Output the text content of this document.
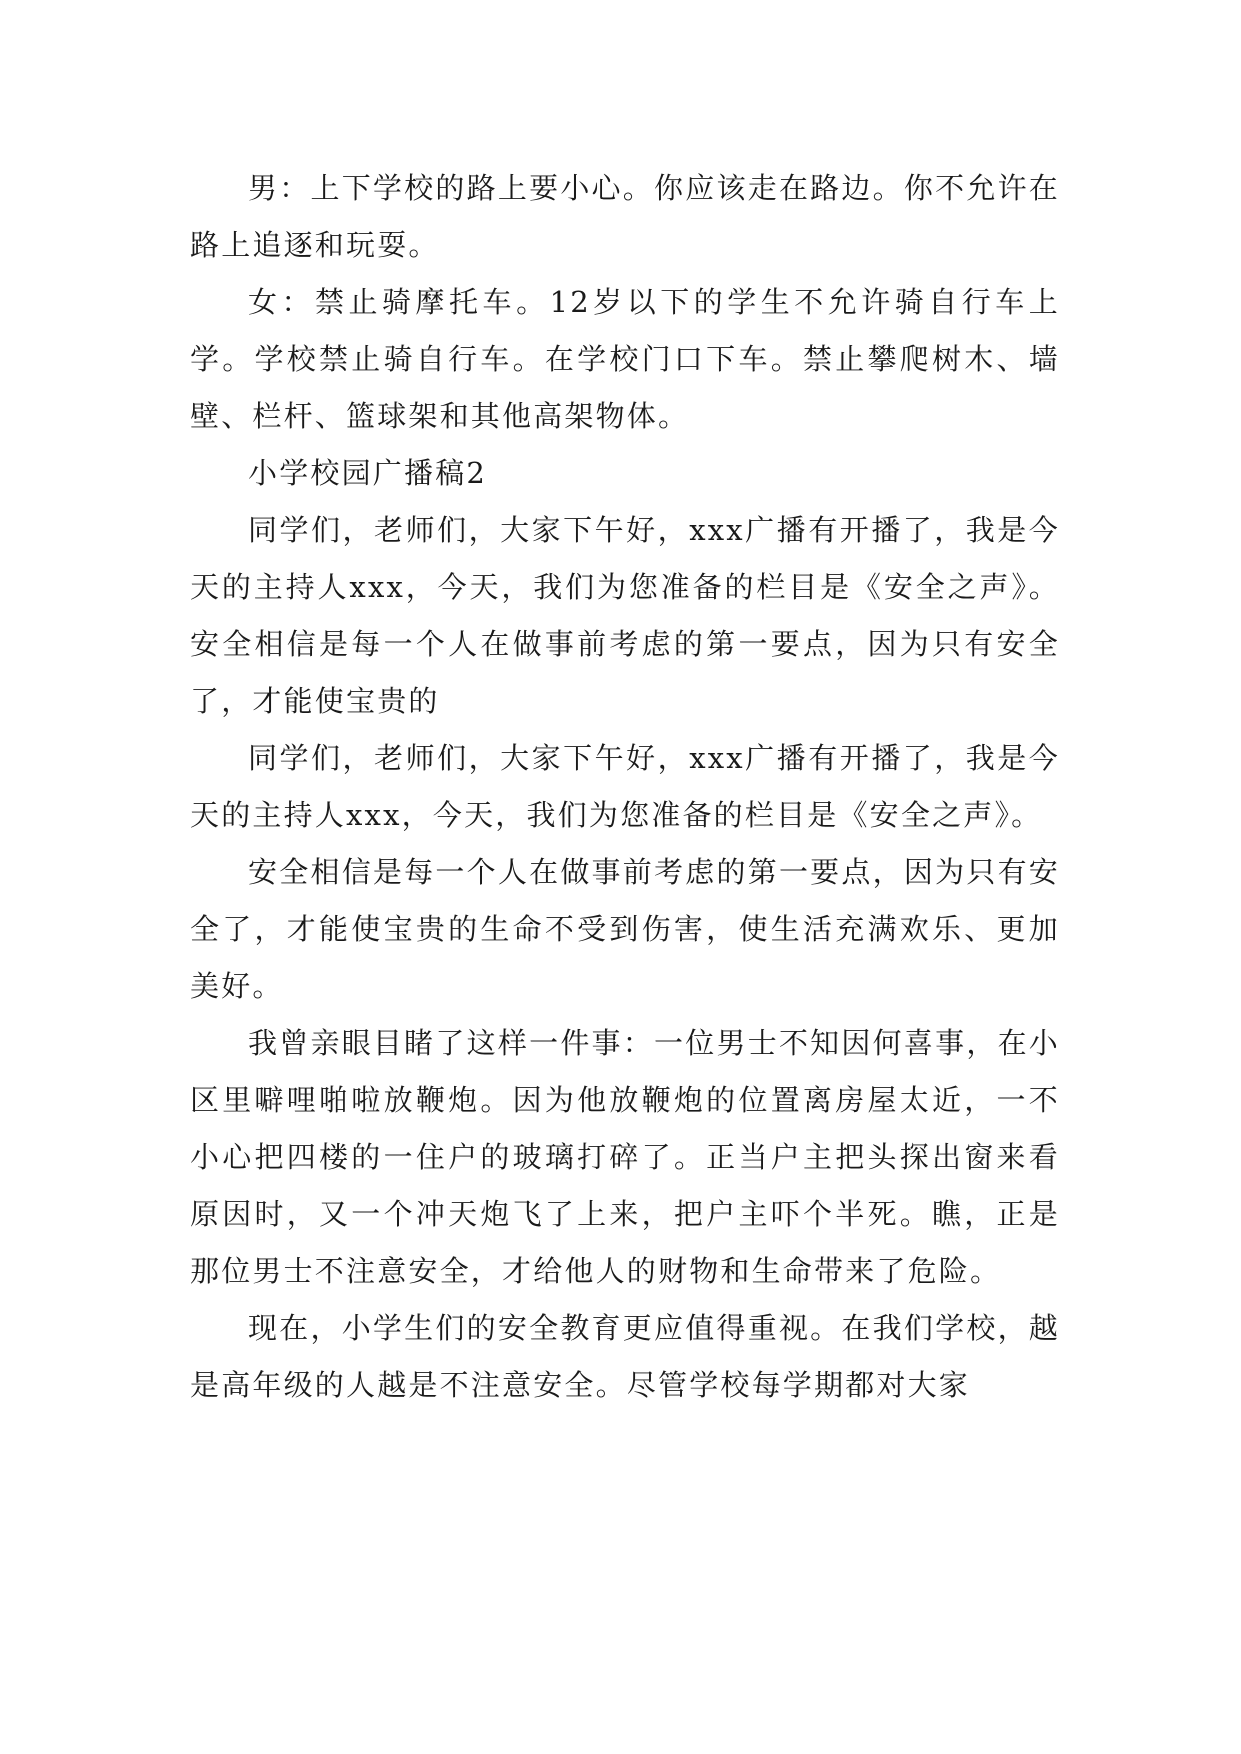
男：上下学校的路上要小心。你应该走在路边。你不允许在路上追逐和玩耍。

女：禁止骑摩托车。12岁以下的学生不允许骑自行车上学。学校禁止骑自行车。在学校门口下车。禁止攀爬树木、墙壁、栏杆、篮球架和其他高架物体。

小学校园广播稿2

同学们，老师们，大家下午好，xxx广播有开播了，我是今天的主持人xxx，今天，我们为您准备的栏目是《安全之声》。安全相信是每一个人在做事前考虑的第一要点，因为只有安全了，才能使宝贵的

同学们，老师们，大家下午好，xxx广播有开播了，我是今天的主持人xxx，今天，我们为您准备的栏目是《安全之声》。

安全相信是每一个人在做事前考虑的第一要点，因为只有安全了，才能使宝贵的生命不受到伤害，使生活充满欢乐、更加美好。

我曾亲眼目睹了这样一件事：一位男士不知因何喜事，在小区里噼哩啪啦放鞭炮。因为他放鞭炮的位置离房屋太近，一不小心把四楼的一住户的玻璃打碎了。正当户主把头探出窗来看原因时，又一个冲天炮飞了上来，把户主吓个半死。瞧，正是那位男士不注意安全，才给他人的财物和生命带来了危险。

现在，小学生们的安全教育更应值得重视。在我们学校，越是高年级的人越是不注意安全。尽管学校每学期都对大家
